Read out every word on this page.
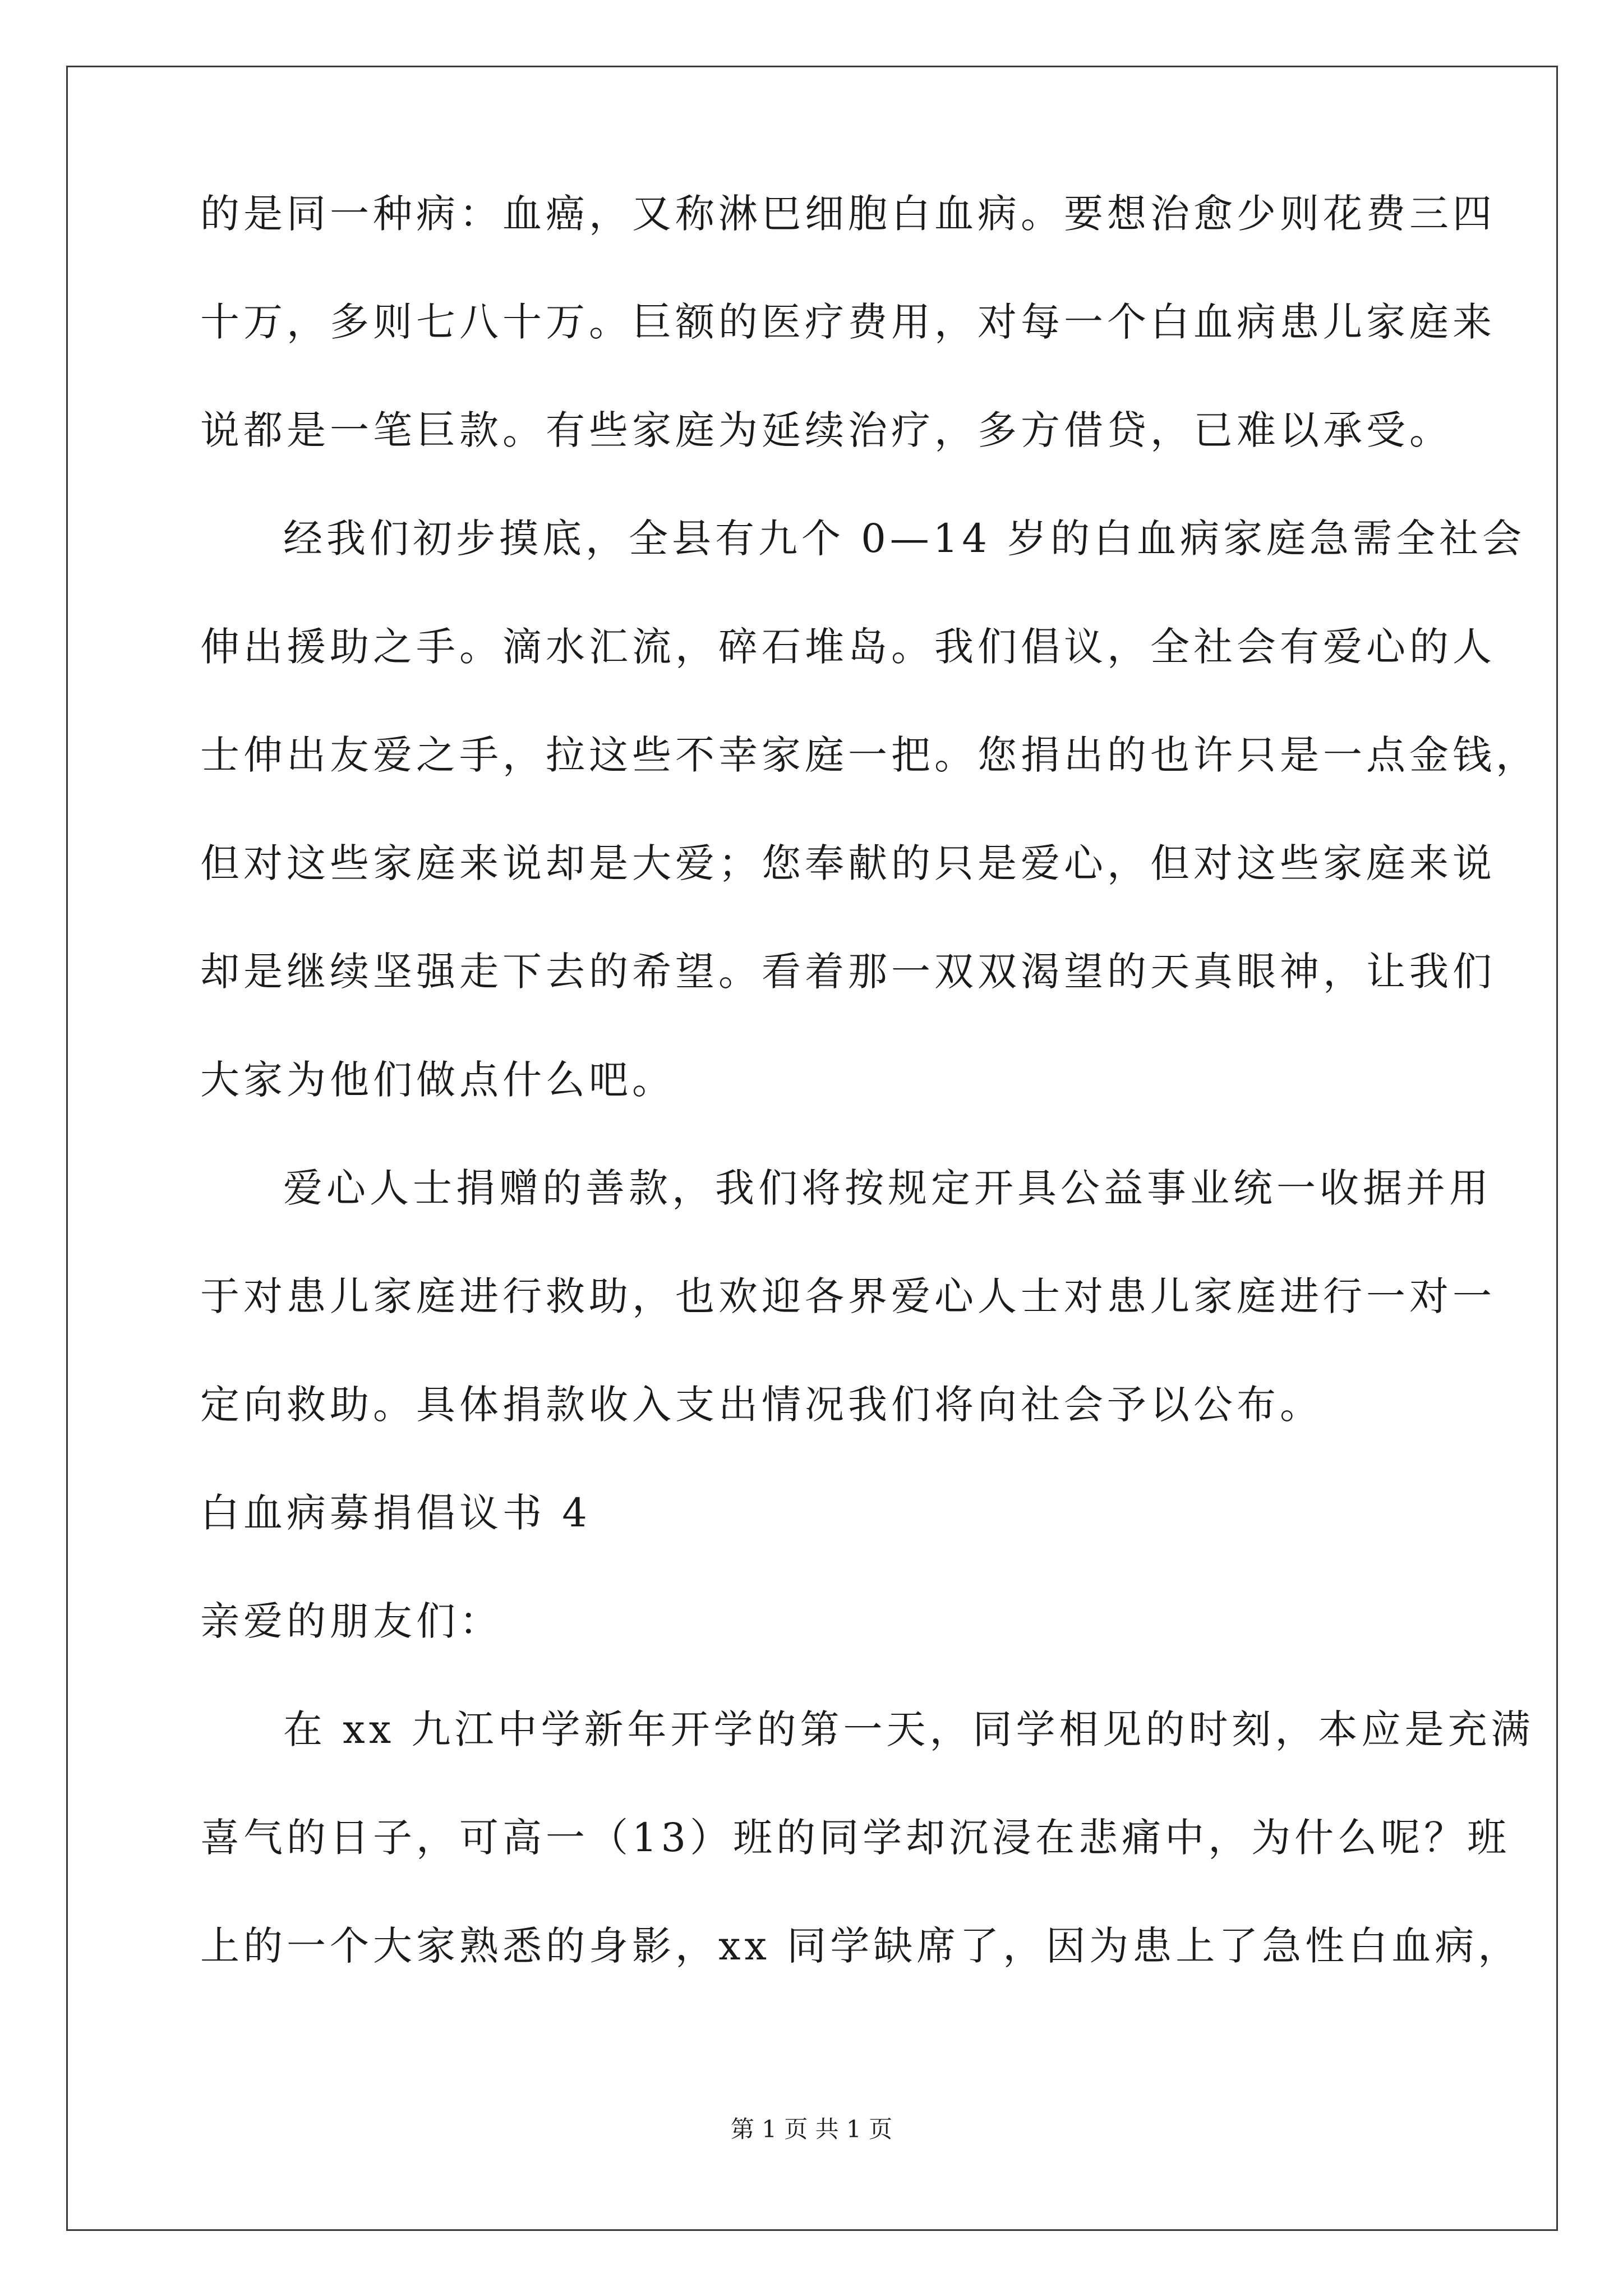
的是同一种病：血癌，又称淋巴细胞白血病。要想治愈少则花费三四
十万，多则七八十万。巨额的医疗费用，对每一个白血病患儿家庭来
说都是一笔巨款。有些家庭为延续治疗，多方借贷，已难以承受。
经我们初步摸底，全县有九个 0—14 岁的白血病家庭急需全社会
伸出援助之手。滴水汇流，碎石堆岛。我们倡议，全社会有爱心的人
士伸出友爱之手，拉这些不幸家庭一把。您捐出的也许只是一点金钱，
但对这些家庭来说却是大爱；您奉献的只是爱心，但对这些家庭来说
却是继续坚强走下去的希望。看着那一双双渴望的天真眼神，让我们
大家为他们做点什么吧。
爱心人士捐赠的善款，我们将按规定开具公益事业统一收据并用
于对患儿家庭进行救助，也欢迎各界爱心人士对患儿家庭进行一对一
定向救助。具体捐款收入支出情况我们将向社会予以公布。
白血病募捐倡议书 4
亲爱的朋友们：
在 xx 九江中学新年开学的第一天，同学相见的时刻，本应是充满
喜气的日子，可高一（13）班的同学却沉浸在悲痛中，为什么呢？班
上的一个大家熟悉的身影，xx 同学缺席了，因为患上了急性白血病，
第 1 页 共 1 页
